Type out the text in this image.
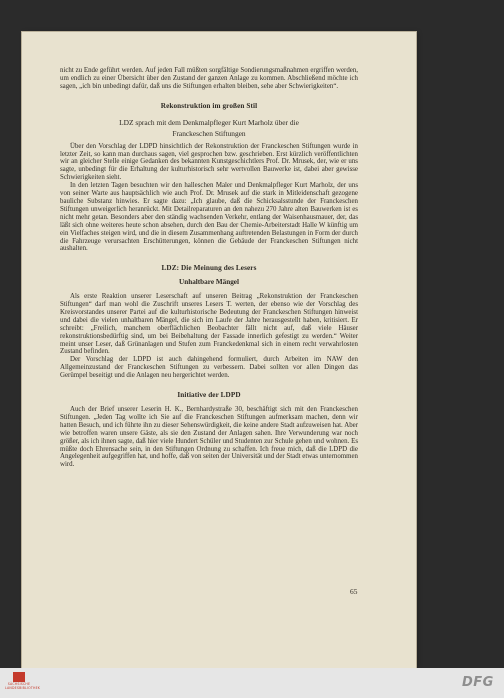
nicht zu Ende geführt werden. Auf jeden Fall müßten sorgfältige Sondierungsmaßnahmen ergriffen werden, um endlich zu einer Übersicht über den Zustand der ganzen Anlage zu kommen. Abschließend möchte ich sagen, „ich bin unbedingt dafür, daß uns die Stiftungen erhalten bleiben, sehe aber Schwierigkeiten“.

Rekonstruktion im großen Stil
LDZ sprach mit dem Denkmalpfleger Kurt Marholz über die
Franckeschen Stiftungen

Über den Vorschlag der LDPD hinsichtlich der Rekonstruktion der Franckeschen Stiftungen wurde in letzter Zeit, so kann man durchaus sagen, viel gesprochen bzw. geschrieben. Erst kürzlich veröffentlichten wir an gleicher Stelle einige Gedanken des bekannten Kunstgeschichtlers Prof. Dr. Mrusek, der, wie er uns sagte, unbedingt für die Erhaltung der kulturhistorisch sehr wertvollen Bauwerke ist, dabei aber gewisse Schwierigkeiten sieht.

In den letzten Tagen besuchten wir den halleschen Maler und Denkmalpfleger Kurt Marholz, der uns von seiner Warte aus hauptsächlich wie auch Prof. Dr. Mrusek auf die stark in Mitleidenschaft gezogene bauliche Substanz hinwies. Er sagte dazu: „Ich glaube, daß die Schicksalsstunde der Franckeschen Stiftungen unweigerlich heranrückt. Mit Detailreparaturen an den nahezu 270 Jahre alten Bauwerken ist es nicht mehr getan. Besonders aber den ständig wachsenden Verkehr, entlang der Waisenhausmauer, der, das läßt sich ohne weiteres heute schon absehen, durch den Bau der Chemie-Arbeiterstadt Halle W künftig um ein Vielfaches steigen wird, und die in diesem Zusammenhang auftretenden Belastungen in Form der durch die Fahrzeuge verursachten Erschütterungen, können die Gebäude der Franckeschen Stiftungen nicht aushalten.

LDZ: Die Meinung des Lesers
Unhaltbare Mängel

Als erste Reaktion unserer Leserschaft auf unseren Beitrag „Rekonstruktion der Franckeschen Stiftungen“ darf man wohl die Zuschrift unseres Lesers T. werten, der ebenso wie der Vorschlag des Kreisvorstandes unserer Partei auf die kulturhistorische Bedeutung der Franckeschen Stiftungen hinweist und dabei die vielen unhaltbaren Mängel, die sich im Laufe der Jahre herausgestellt haben, kritisiert. Er schreibt: „Freilich, manchem oberflächlichen Beobachter fällt nicht auf, daß viele Häuser rekonstruktionsbedürftig sind, um bei Beibehaltung der Fassade innerlich gefestigt zu werden.“ Weiter meint unser Leser, daß Grünanlagen und Stufen zum Franckedenkmal sich in einem recht verwahrlosten Zustand befinden.

Der Vorschlag der LDPD ist auch dahingehend formuliert, durch Arbeiten im NAW den Allgemeinzustand der Franckeschen Stiftungen zu verbessern. Dabei sollten vor allen Dingen das Gerümpel beseitigt und die Anlagen neu hergerichtet werden.

Initiative der LDPD

Auch der Brief unserer Leserin H. K., Bernhardystraße 30, beschäftigt sich mit den Franckeschen Stiftungen. „Jeden Tag wollte ich Sie auf die Franckeschen Stiftungen aufmerksam machen, denn wir hatten Besuch, und ich führte ihn zu dieser Sehenswürdigkeit, die keine andere Stadt aufzuweisen hat. Aber wie betroffen waren unsere Gäste, als sie den Zustand der Anlagen sahen. Ihre Verwunderung war noch größer, als ich ihnen sagte, daß hier viele Hundert Schüler und Studenten zur Schule gehen und wohnen. Es müßte doch Ehrensache sein, in den Stiftungen Ordnung zu schaffen. Ich freue mich, daß die LDPD die Angelegenheit aufgegriffen hat, und hoffe, daß von seiten der Universität und der Stadt etwas unternommen wird.

65
SÄCHSISCHE
LANDESBIBLIOTHEK	DFG
